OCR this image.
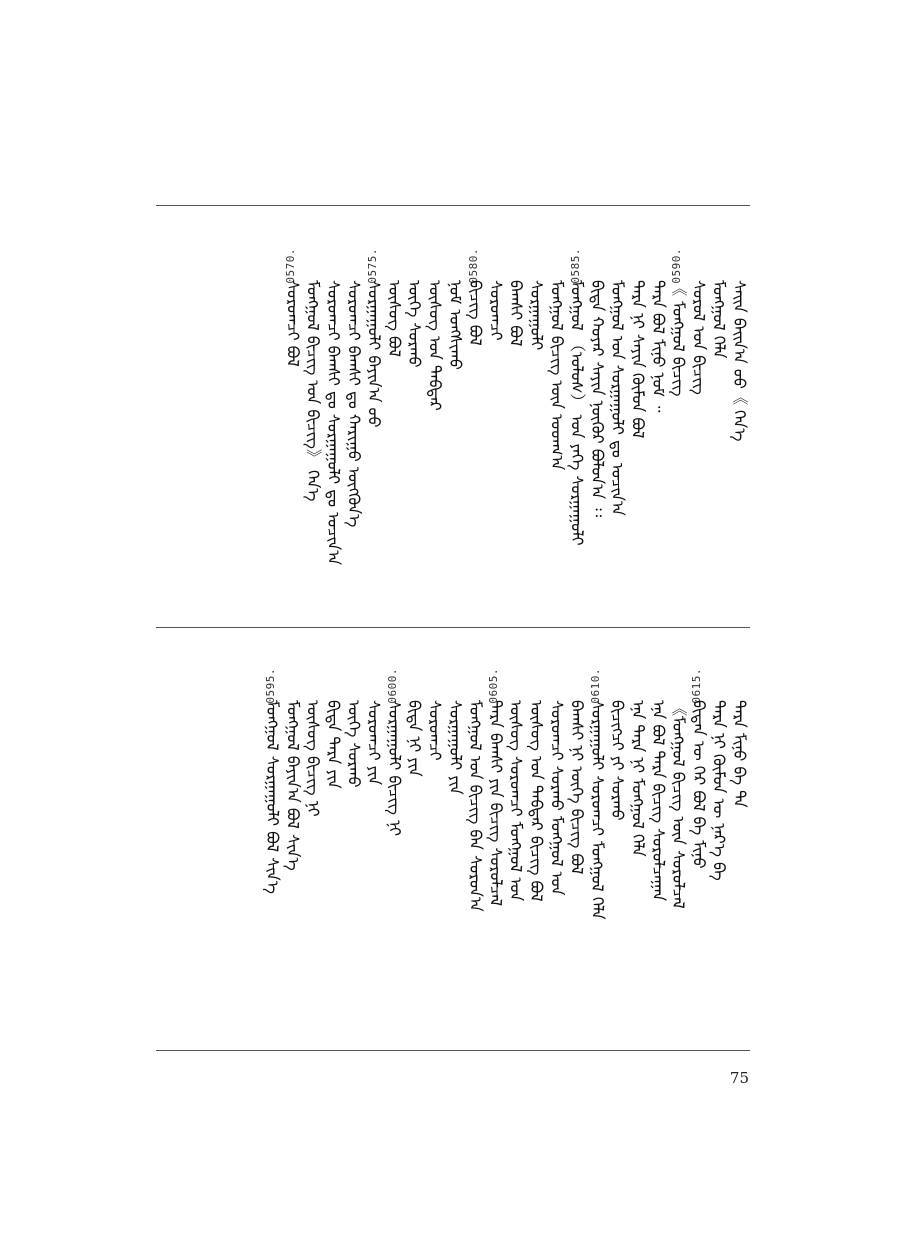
ᠰᠠᠢᠨ ᠪᠠᠢᠨ᠎ᠠ ᠤᠤ︽ ᠭᠡᠨ᠎ᠡ
ᠮᠣᠩᠭᠣᠯ ᠬᠡᠯᠡ
ᠰᠤᠷᠤᠯ ᠤᠨ ᠪᠢᠴᠢᠭ
0590.
︽ ᠮᠣᠩᠭᠣᠯ ᠪᠢᠴᠢᠭ
ᠲᠡᠷᠡ ᠪᠣᠯ ᠮᠢᠨᠤ ᠨᠣᠮ ᠃
ᠲᠡᠷᠡ ᠨᠢ ᠰᠠᠶᠢᠨ ᠬᠦᠮᠦᠨ ᠪᠣᠯ
ᠮᠣᠩᠭᠣᠯ ᠤᠨ ᠰᠤᠷᠭᠠᠭᠤᠯᠢ ᠳᠤ ᠣᠴᠢᠨ᠎ᠠ
ᠪᠢᠳᠡ ᠬᠣᠶᠠᠷ ᠰᠠᠶᠢᠨ ᠨᠥᠬᠥᠷ ᠪᠣᠯᠤᠨ᠎ᠠ ᠄᠄
0585.
ᠮᠣᠩᠭᠣᠯ ︵ᠤᠯᠤᠰ︶ ᠤᠨ ᠶᠡᠬᠡ ᠰᠤᠷᠭᠠᠭᠤᠯᠢ
ᠮᠣᠩᠭᠣᠯ ᠪᠢᠴᠢᠭ ᠦᠨ ᠤᠳᠬ᠎ᠠ
ᠰᠤᠷᠭᠠᠭᠤᠯᠢ
ᠪᠠᠭᠰᠢ ᠪᠣᠯ
ᠰᠤᠷᠤᠭᠴᠢ
0580.
ᠪᠢᠴᠢᠭ ᠪᠣᠯ
ᠨᠣᠮ ᠤᠩᠰᠢᠬᠤ
ᠦᠰᠦᠭ ᠤᠨ ᠳᠡᠪᠲᠡᠷ
ᠦᠭᠡ ᠰᠤᠷᠬᠤ
ᠦᠰᠦᠭ ᠪᠣᠯ
0575.
ᠰᠤᠷᠭᠠᠭᠤᠯᠢ ᠪᠠᠶᠢᠨ᠎ᠠ ᠤᠤ
ᠰᠤᠷᠤᠭᠴᠢ ᠪᠠᠭᠰᠢ ᠳᠤ ᠬᠠᠷᠢᠭᠤ ᠥᠭᠭᠦᠨ᠎ᠡ
ᠰᠤᠷᠤᠭᠴᠢ ᠪᠠᠭᠰᠢ ᠳᠤ ᠰᠤᠷᠭᠠᠭᠤᠯᠢ ᠳᠤ ᠣᠴᠢᠨ᠎ᠠ
ᠮᠣᠩᠭᠣᠯ ᠪᠢᠴᠢᠭ ᠤᠨ ᠪᠢᠴᠢᠭ︾ ᠭᠡᠨ᠎ᠡ
0570.
ᠰᠤᠷᠤᠭᠴᠢ ᠪᠣᠯ
ᠲᠡᠷᠡ ᠮᠢᠨᠤ ᠪᠠ ᠲᠠ
ᠲᠡᠷᠡ ᠨᠢ ᠬᠦᠮᠦᠨ ᠦ ᠨᠡᠷ᠎ᠡ ᠪᠠ
0615.
ᠪᠢᠳᠡᠨ ᠦ ᠭᠡᠷ ᠪᠣᠯ ᠪᠠ ᠮᠢᠨᠤ
︽ᠮᠣᠩᠭᠣᠯ ᠪᠢᠴᠢᠭ ᠦᠨ ᠰᠤᠷᠤᠯᠴᠠᠯ
ᠡᠨᠡ ᠪᠣᠯ ᠲᠡᠷᠡ ᠪᠢᠴᠢᠭ ᠰᠤᠷᠤᠯᠴᠠᠭᠠᠨ
ᠡᠨᠡ ᠲᠡᠷᠡ ᠨᠢ ᠮᠣᠩᠭᠣᠯ ᠬᠡᠯᠡ
ᠪᠢᠴᠢᠭᠴᠢ ᠶᠢ ᠰᠤᠷᠬᠤ
0610.
ᠰᠤᠷᠭᠠᠭᠤᠯᠢ ᠰᠤᠷᠤᠭᠴᠢ ᠮᠣᠩᠭᠣᠯ ᠬᠡᠯᠡ
ᠪᠠᠭᠰᠢ ᠨᠢ ᠦᠭᠡ ᠪᠢᠴᠢᠭ ᠪᠣᠯ
ᠰᠤᠷᠤᠭᠴᠢ ᠰᠤᠷᠬᠤ ᠮᠣᠩᠭᠣᠯ ᠤᠨ
ᠦᠰᠦᠭ ᠤᠨ ᠳᠡᠪᠲᠡᠷ ᠪᠢᠴᠢᠭ ᠪᠣᠯ
ᠦᠰᠦᠭ ᠰᠤᠷᠤᠭᠴᠢ ᠮᠣᠩᠭᠣᠯ ᠤᠨ
0605.
ᠲᠡᠷᠡ ᠪᠠᠭᠰᠢ ᠶᠢᠨ ᠪᠢᠴᠢᠭ ᠰᠤᠷᠤᠯᠴᠠᠯ
ᠮᠣᠩᠭᠣᠯ ᠤᠨ ᠪᠢᠴᠢᠭ ᠪᠠᠨ ᠰᠤᠷᠤᠨ᠎ᠠ
ᠰᠤᠷᠭᠠᠭᠤᠯᠢ ᠶᠢᠨ
ᠰᠤᠷᠤᠭᠴᠢ
ᠪᠢᠳᠡ ᠨᠢ ᠶᠢᠨ
0600.
ᠰᠤᠷᠭᠠᠭᠤᠯᠢ ᠪᠢᠴᠢᠭ ᠨᠢ
ᠰᠤᠷᠤᠭᠴᠢ ᠶᠢᠨ
ᠦᠭᠡ ᠰᠤᠷᠬᠤ
ᠪᠢᠳᠡ ᠲᠡᠷᠡ ᠶᠢᠨ
ᠦᠰᠦᠭ ᠪᠢᠴᠢᠭ ᠨᠢ
ᠮᠣᠩᠭᠣᠯ ᠪᠠᠶᠢᠨ᠎ᠠ ᠪᠣᠯ ᠰᠢᠨ᠎ᠡ
0595.
ᠮᠣᠩᠭᠣᠯ ᠰᠤᠷᠭᠠᠭᠤᠯᠢ ᠪᠣᠯ ᠰᠢᠨ᠎ᠡ
75
